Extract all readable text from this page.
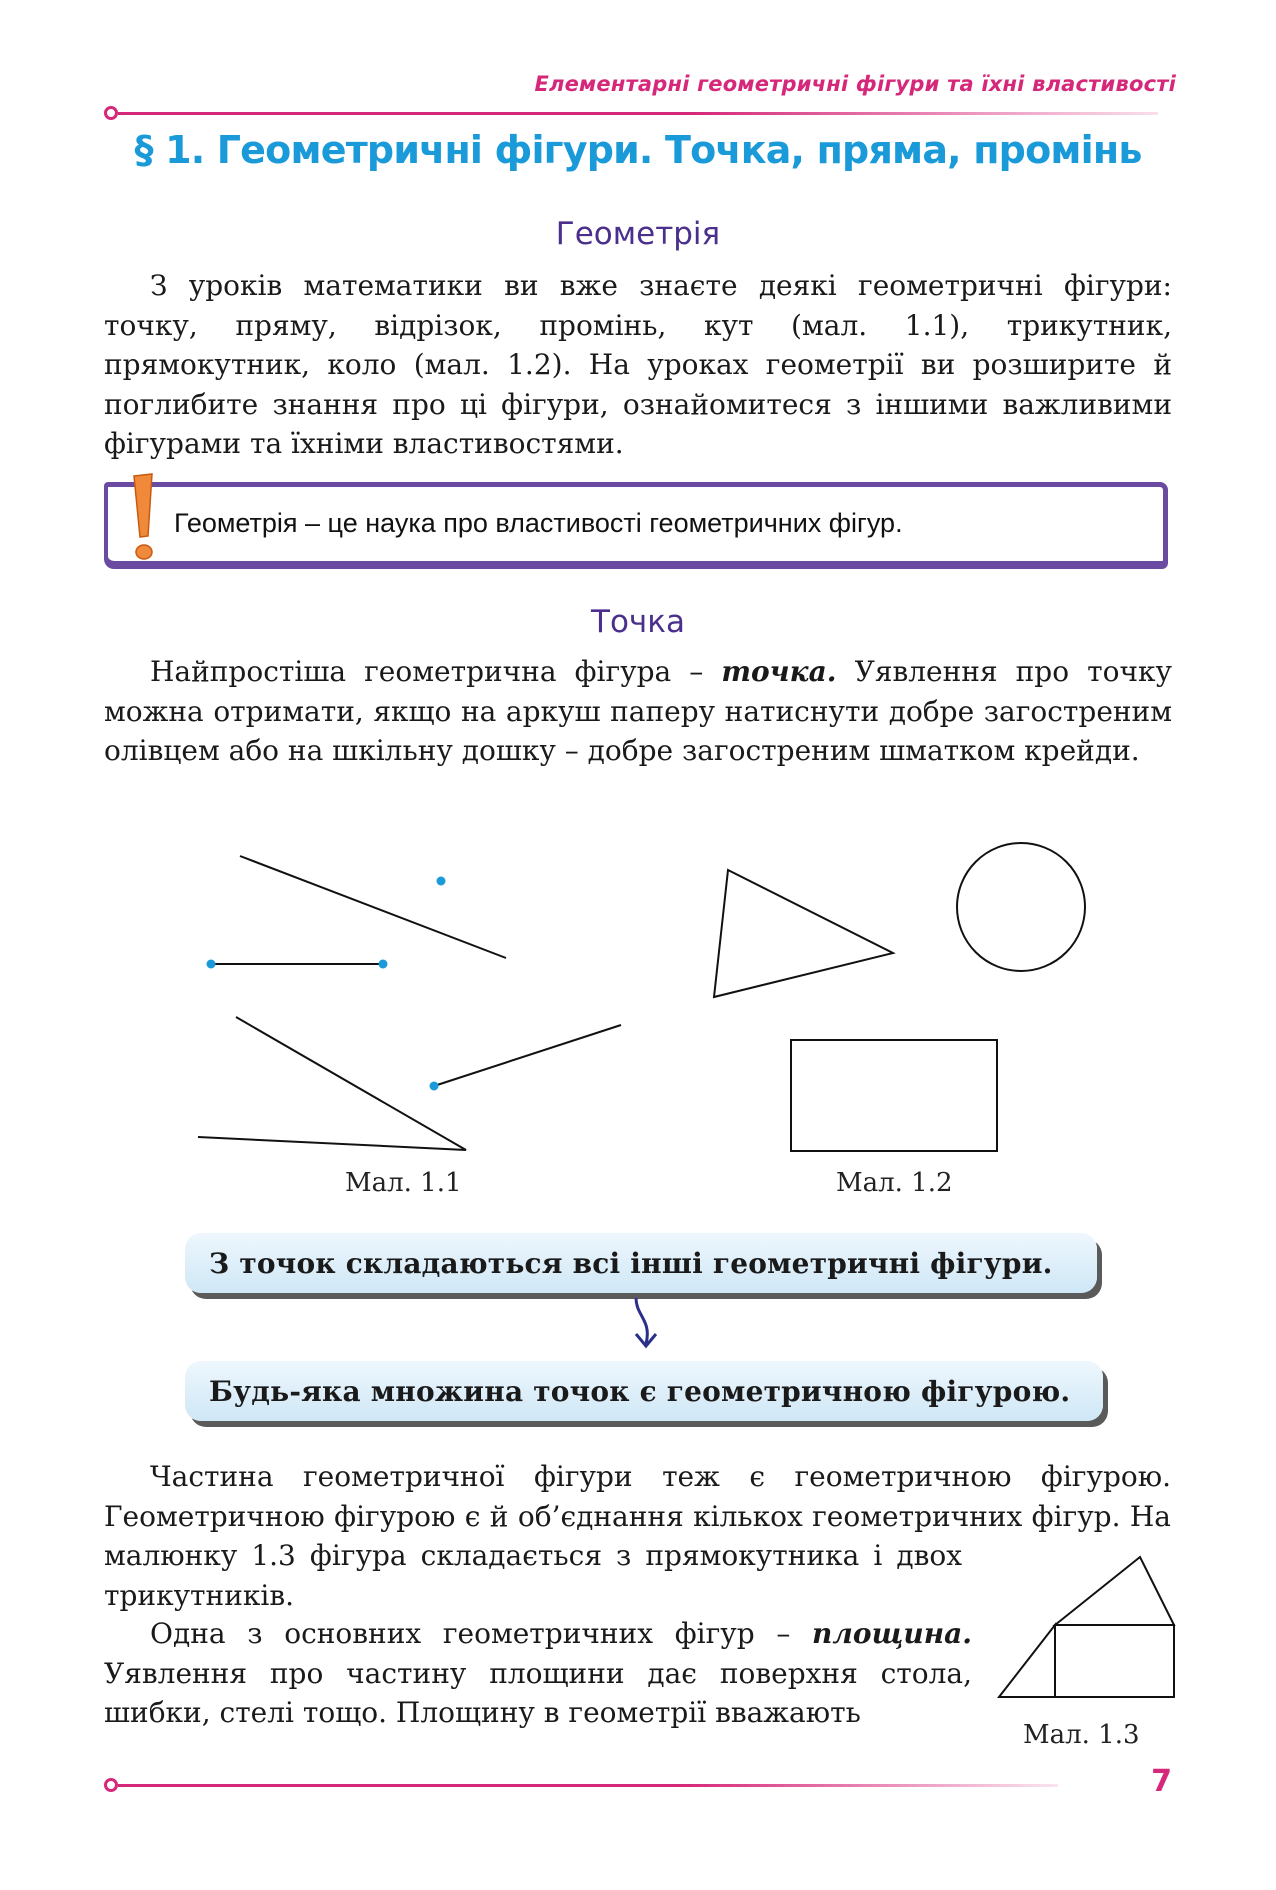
Елементарні геометричні фігури та їхні властивості
§ 1. Геометричні фігури. Точка, пряма, промінь
Геометрія

З уроків математики ви вже знаєте деякі геометричні фігури: точку, пряму, відрізок, промінь, кут (мал. 1.1), трикутник, прямокутник, коло (мал. 1.2). На уроках геометрії ви розширите й поглибите знання про ці фігури, ознайомитеся з іншими важливими фігурами та їхніми властивостями.

Геометрія – це наука про властивості геометричних фігур.
Точка

Найпростіша геометрична фігура – точка. Уявлення про точку можна отримати, якщо на аркуш паперу натиснути добре загостреним олівцем або на шкільну дошку – добре загостреним шматком крейди.

Мал. 1.1	Мал. 1.2
З точок складаються всі інші геометричні фігури.
Будь-яка множина точок є геометричною фігурою.

Частина геометричної фігури теж є геометричною фігурою. Геометричною фігурою є й об’єднання кількох геометричних фігур. На малюнку 1.3 фігура складається з прямокутника і двох трикутників.

Одна з основних геометричних фігур – площина. Уявлення про частину площини дає поверхня стола, шибки, стелі тощо. Площину в геометрії вважають

Мал. 1.3
7
